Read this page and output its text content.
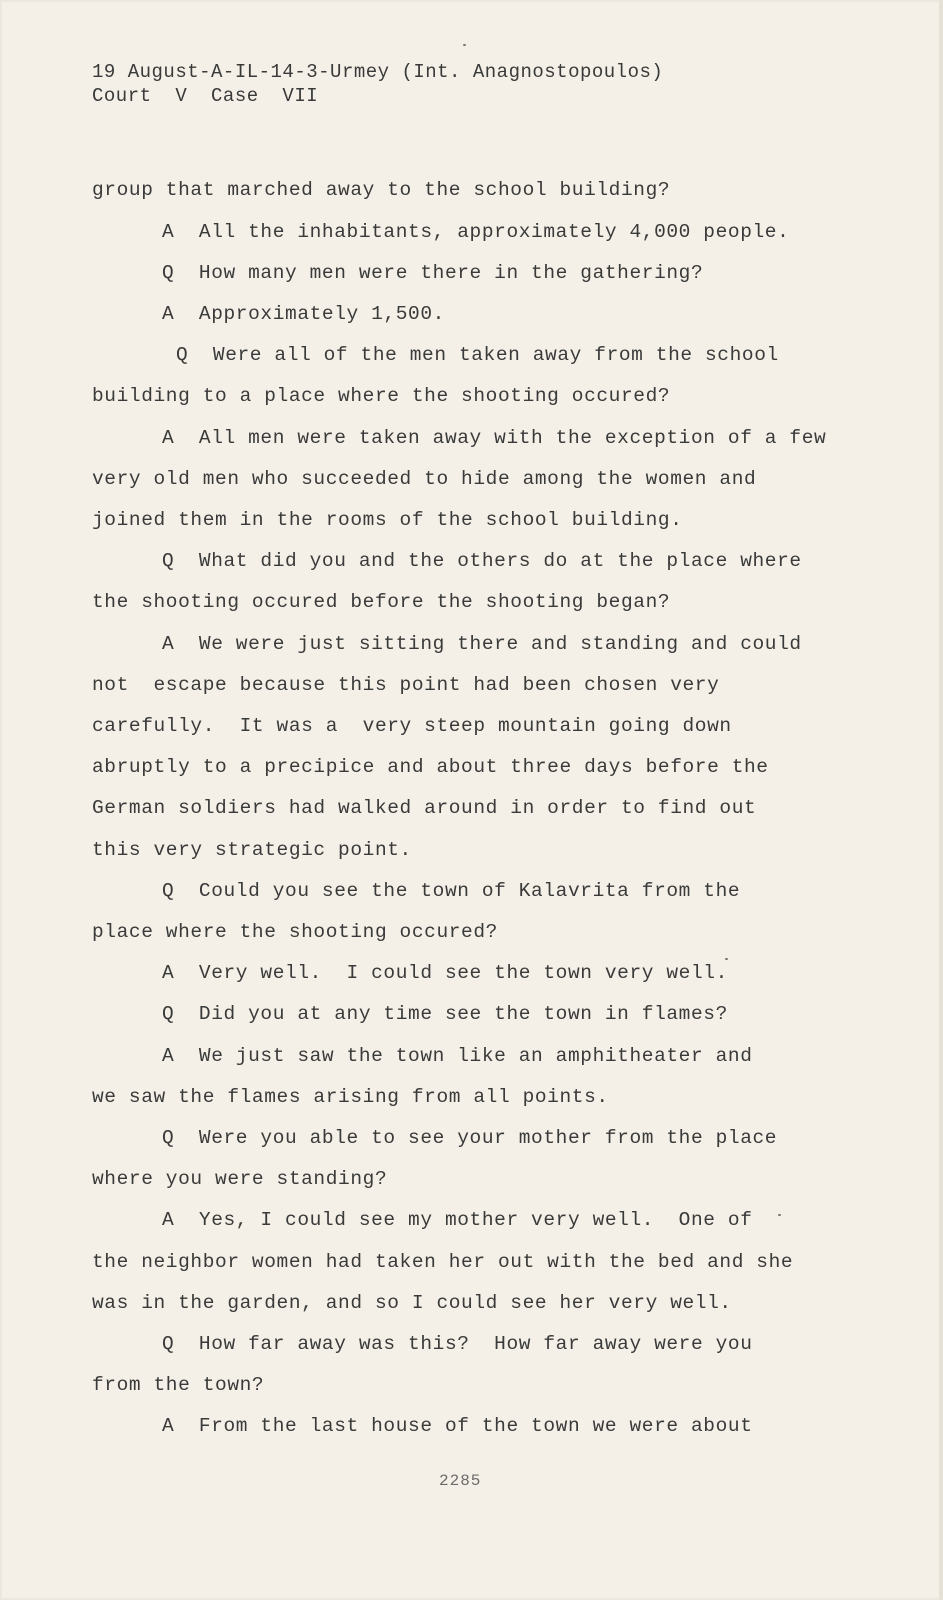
19 August-A-IL-14-3-Urmey (Int. Anagnostopoulos)
Court  V  Case  VII
group that marched away to the school building?
A  All the inhabitants, approximately 4,000 people.
Q  How many men were there in the gathering?
A  Approximately 1,500.
Q  Were all of the men taken away from the school
building to a place where the shooting occured?
A  All men were taken away with the exception of a few
very old men who succeeded to hide among the women and
joined them in the rooms of the school building.
Q  What did you and the others do at the place where
the shooting occured before the shooting began?
A  We were just sitting there and standing and could
not  escape because this point had been chosen very
carefully.  It was a  very steep mountain going down
abruptly to a precipice and about three days before the
German soldiers had walked around in order to find out
this very strategic point.
Q  Could you see the town of Kalavrita from the
place where the shooting occured?
A  Very well.  I could see the town very well.
Q  Did you at any time see the town in flames?
A  We just saw the town like an amphitheater and
we saw the flames arising from all points.
Q  Were you able to see your mother from the place
where you were standing?
A  Yes, I could see my mother very well.  One of
the neighbor women had taken her out with the bed and she
was in the garden, and so I could see her very well.
Q  How far away was this?  How far away were you
from the town?
A  From the last house of the town we were about
2285
